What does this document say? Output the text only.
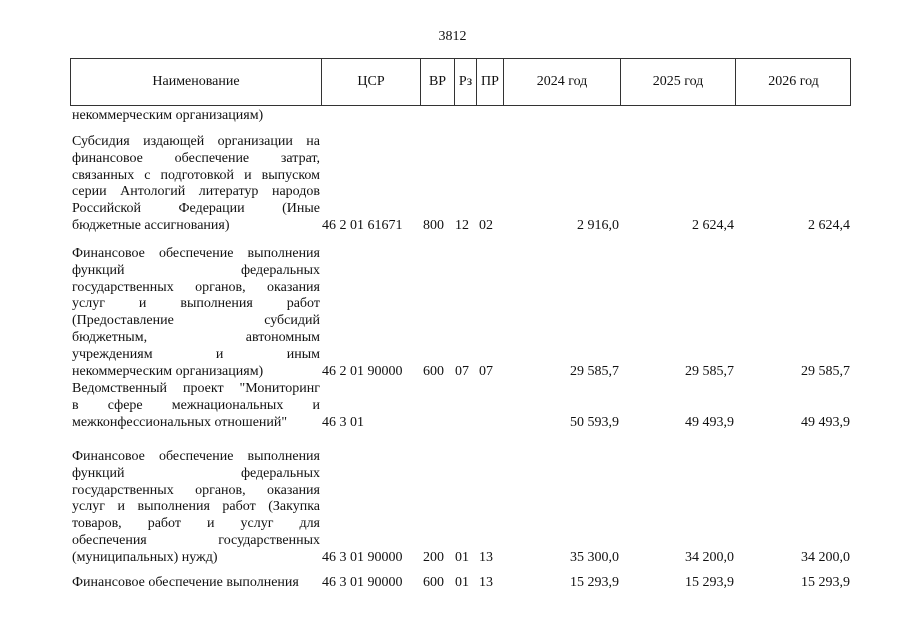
3812
Наименование	ЦСР	ВР Рз ПР	2024 год	2025 год	2026 год
некоммерческим организациям)
Субсидия издающей организации на
финансовое обеспечение затрат,
связанных с подготовкой и выпуском
серии Антологий литератур народов
Российской Федерации (Иные
бюджетные ассигнования)	46 2 01 61671	800 12 02	2 916,0	2 624,4	2 624,4
Финансовое обеспечение выполнения
функций федеральных
государственных органов, оказания
услуг и выполнения работ
(Предоставление субсидий
бюджетным, автономным
учреждениям и иным
некоммерческим организациям)	46 2 01 90000	600 07 07	29 585,7	29 585,7	29 585,7
Ведомственный проект "Мониторинг
в сфере межнациональных и
межконфессиональных отношений"	46 3 01	50 593,9	49 493,9	49 493,9
Финансовое обеспечение выполнения
функций федеральных
государственных органов, оказания
услуг и выполнения работ (Закупка
товаров, работ и услуг для
обеспечения государственных
(муниципальных) нужд)	46 3 01 90000	200 01 13	35 300,0	34 200,0	34 200,0
Финансовое обеспечение выполнения	46 3 01 90000	600 01 13	15 293,9	15 293,9	15 293,9
